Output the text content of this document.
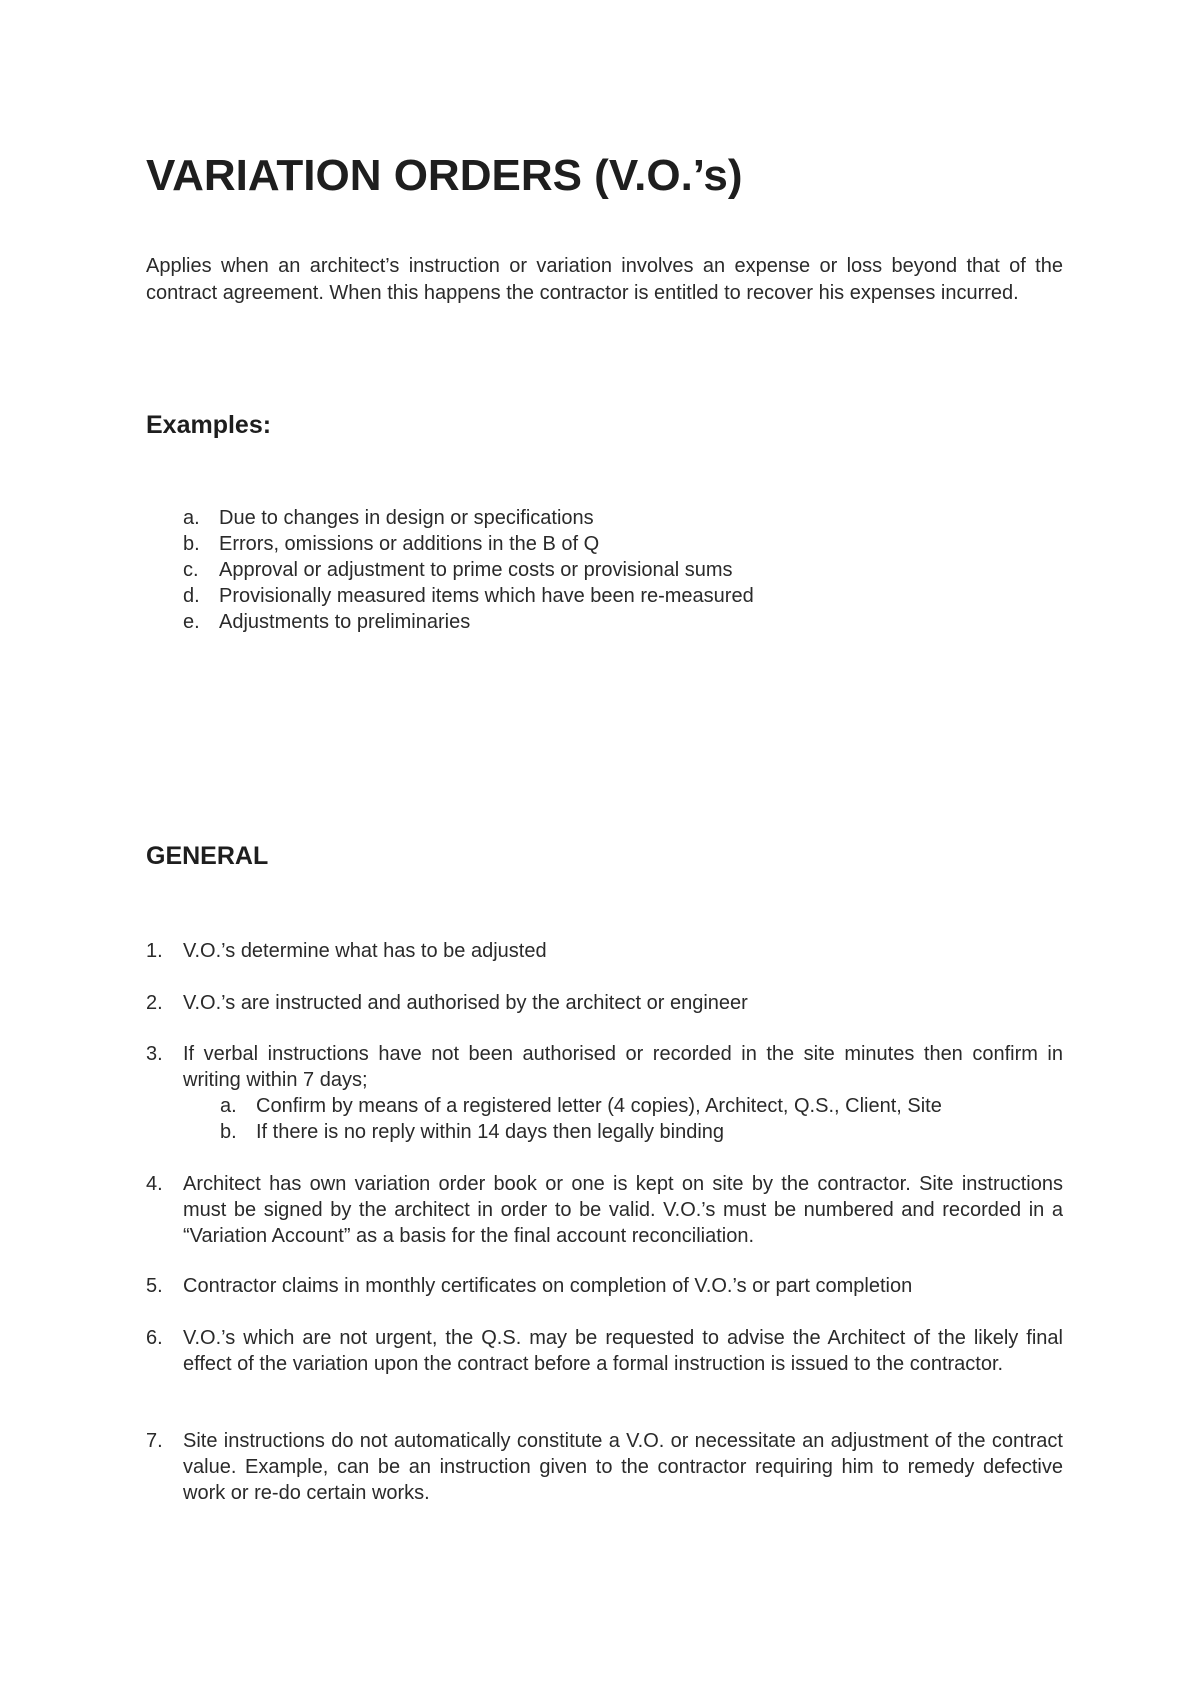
VARIATION ORDERS (V.O.’s)

Applies when an architect’s instruction or variation involves an expense or loss beyond that of the contract agreement. When this happens the contractor is entitled to recover his expenses incurred.

Examples:
a. Due to changes in design or specifications
b. Errors, omissions or additions in the B of Q
c. Approval or adjustment to prime costs or provisional sums
d. Provisionally measured items which have been re-measured
e. Adjustments to preliminaries
GENERAL
1. V.O.’s determine what has to be adjusted
2. V.O.’s are instructed and authorised by the architect or engineer
3. If verbal instructions have not been authorised or recorded in the site minutes then confirm in writing within 7 days;
a. Confirm by means of a registered letter (4 copies), Architect, Q.S., Client, Site
b. If there is no reply within 14 days then legally binding
4. Architect has own variation order book or one is kept on site by the contractor. Site instructions must be signed by the architect in order to be valid. V.O.’s must be numbered and recorded in a “Variation Account” as a basis for the final account reconciliation.
5. Contractor claims in monthly certificates on completion of V.O.’s or part completion
6. V.O.’s which are not urgent, the Q.S. may be requested to advise the Architect of the likely final effect of the variation upon the contract before a formal instruction is issued to the contractor.
7. Site instructions do not automatically constitute a V.O. or necessitate an adjustment of the contract value. Example, can be an instruction given to the contractor requiring him to remedy defective work or re-do certain works.
